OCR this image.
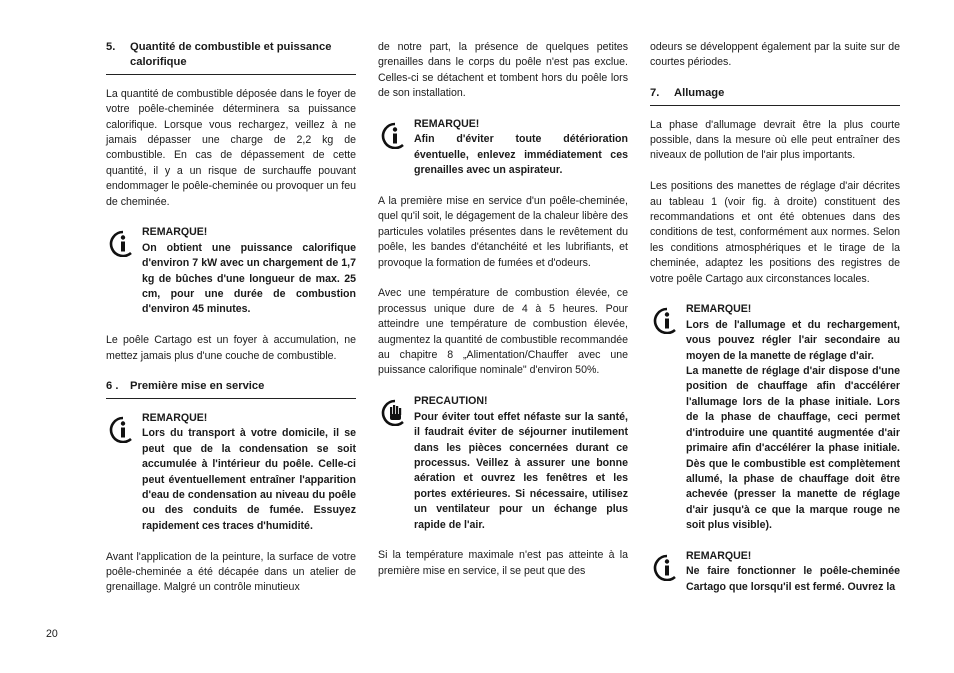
5. Quantité de combustible et puissance calorifique

La quantité de combustible déposée dans le foyer de votre poêle-cheminée déterminera sa puissance calorifique. Lorsque vous rechargez, veillez à ne jamais dépasser une charge de 2,2 kg de combustible. En cas de dépassement de cette quantité, il y a un risque de surchauffe pouvant endommager le poêle-cheminée ou provoquer un feu de cheminée.

REMARQUE!

On obtient une puissance calorifique d'environ 7 kW avec un chargement de 1,7 kg de bûches d'une longueur de max. 25 cm, pour une durée de combustion d'environ 45 minutes.

Le poêle Cartago est un foyer à accumulation, ne mettez jamais plus d'une couche de combustible.

6 . Première mise en service
REMARQUE!

Lors du transport à votre domicile, il se peut que de la condensation se soit accumulée à l'intérieur du poêle. Celle-ci peut éventuellement entraîner l'apparition d'eau de condensation au niveau du poêle ou des conduits de fumée. Essuyez rapidement ces traces d'humidité.

Avant l'application de la peinture, la surface de votre poêle-cheminée a été décapée dans un atelier de grenaillage. Malgré un contrôle minutieux

de notre part, la présence de quelques petites grenailles dans le corps du poêle n'est pas exclue. Celles-ci se détachent et tombent hors du poêle lors de son installation.

REMARQUE!

Afin d'éviter toute détérioration éventuelle, enlevez immédiatement ces grenailles avec un aspirateur.

A la première mise en service d'un poêle-cheminée, quel qu'il soit, le dégagement de la chaleur libère des particules volatiles présentes dans le revêtement du poêle, les bandes d'étanchéité et les lubrifiants, et provoque la formation de fumées et d'odeurs.

Avec une température de combustion élevée, ce processus unique dure de 4 à 5 heures. Pour atteindre une température de combustion élevée, augmentez la quantité de combustible recommandée au chapitre 8 „Alimentation/Chauffer avec une puissance calorifique nominale" d'environ 50%.

PRECAUTION!

Pour éviter tout effet néfaste sur la santé, il faudrait éviter de séjourner inutilement dans les pièces concernées durant ce processus. Veillez à assurer une bonne aération et ouvrez les fenêtres et les portes extérieures. Si nécessaire, utilisez un ventilateur pour un échange plus rapide de l'air.

Si la température maximale n'est pas atteinte à la première mise en service, il se peut que des

odeurs se développent également par la suite sur de courtes périodes.

7. Allumage

La phase d'allumage devrait être la plus courte possible, dans la mesure où elle peut entraîner des niveaux de pollution de l'air plus importants.

Les positions des manettes de réglage d'air décrites au tableau 1 (voir fig. à droite) constituent des recommandations et ont été obtenues dans des conditions de test, conformément aux normes. Selon les conditions atmosphériques et le tirage de la cheminée, adaptez les positions des registres de votre poêle Cartago aux circonstances locales.

REMARQUE!

Lors de l'allumage et du rechargement, vous pouvez régler l'air secondaire au moyen de la manette de réglage d'air.

La manette de réglage d'air dispose d'une position de chauffage afin d'accélérer l'allumage lors de la phase initiale. Lors de la phase de chauffage, ceci permet d'introduire une quantité augmentée d'air primaire afin d'accélérer la phase initiale. Dès que le combustible est complètement allumé, la phase de chauffage doit être achevée (presser la manette de réglage d'air jusqu'à ce que la marque rouge ne soit plus visible).

REMARQUE!

Ne faire fonctionner le poêle-cheminée Cartago que lorsqu'il est fermé. Ouvrez la

20
